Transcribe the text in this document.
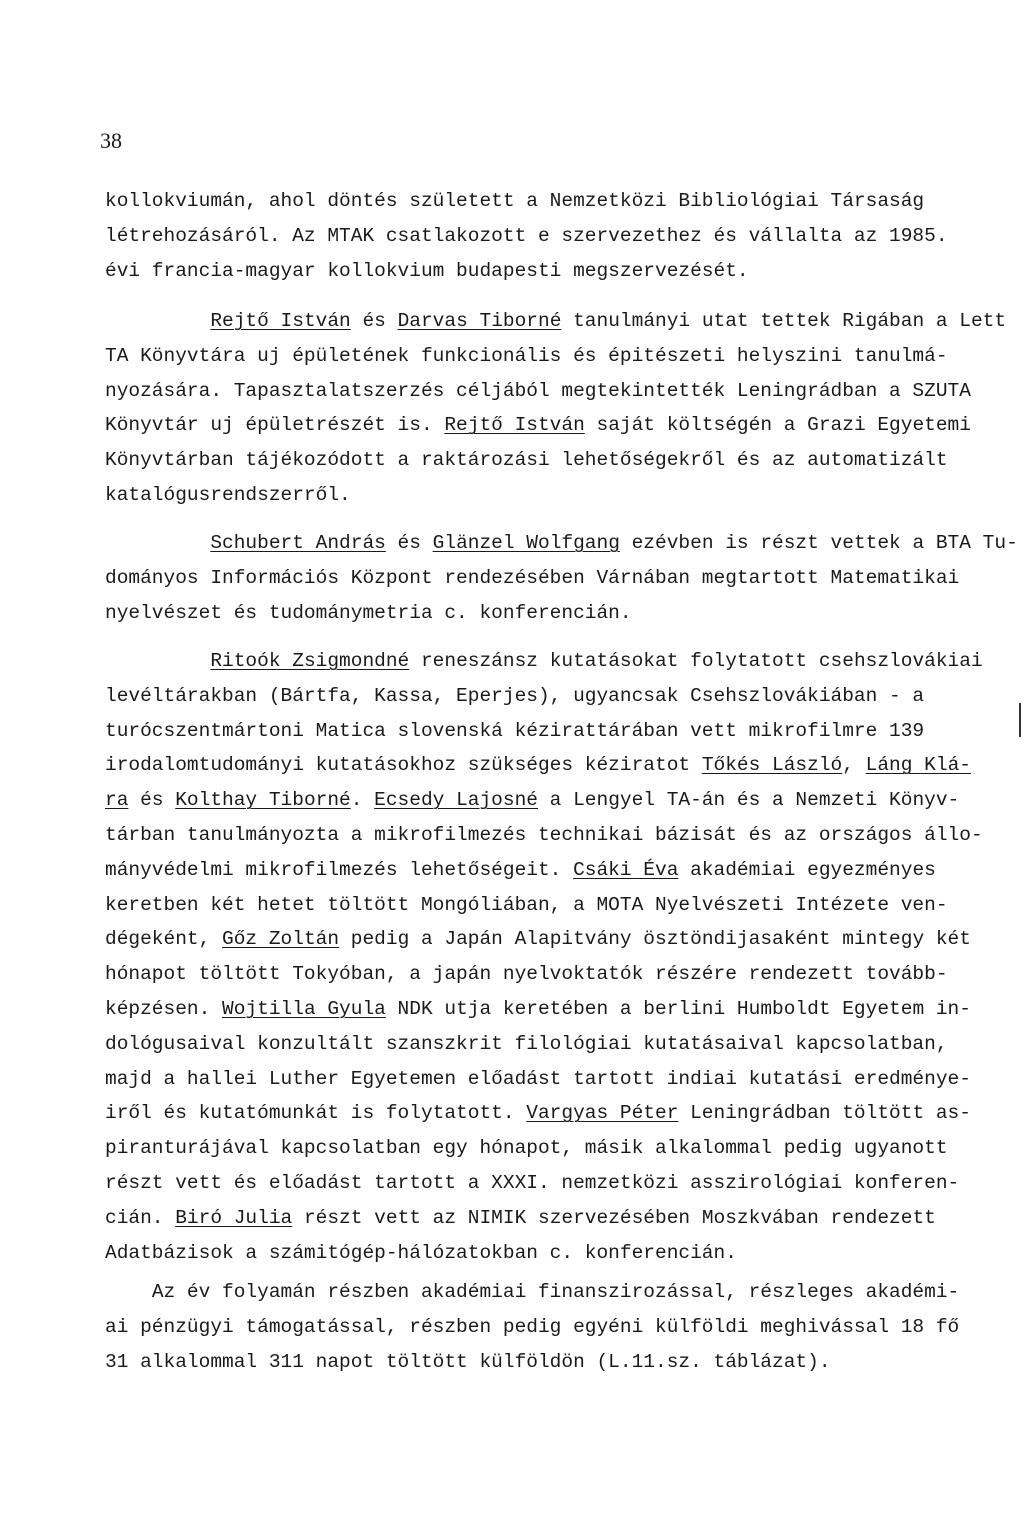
38
kollokviumán, ahol döntés született a Nemzetközi Bibliológiai Társaság
létrehozásáról. Az MTAK csatlakozott e szervezethez és vállalta az 1985.
évi francia-magyar kollokvium budapesti megszervezését.
Rejtő István és Darvas Tiborné tanulmányi utat tettek Rigában a Lett
TA Könyvtára uj épületének funkcionális és épitészeti helyszini tanulmá-
nyozására. Tapasztalatszerzés céljából megtekintették Leningrádban a SZUTA
Könyvtár uj épületrészét is. Rejtő István saját költségén a Grazi Egyetemi
Könyvtárban tájékozódott a raktározási lehetőségekről és az automatizált
katalógusrendszerről.
Schubert András és Glänzel Wolfgang ezévben is részt vettek a BTA Tu-
dományos Információs Központ rendezésében Várnában megtartott Matematikai
nyelvészet és tudománymetria c. konferencián.
Ritoók Zsigmondné reneszánsz kutatásokat folytatott csehszlovákiai
levéltárakban (Bártfa, Kassa, Eperjes), ugyancsak Csehszlovákiában - a
turócszentmártoni Matica slovenská kézirattárában vett mikrofilmre 139
irodalomtudományi kutatásokhoz szükséges kéziratot Tőkés László, Láng Klá-
ra és Kolthay Tiborné. Ecsedy Lajosné a Lengyel TA-án és a Nemzeti Könyv-
tárban tanulmányozta a mikrofilmezés technikai bázisát és az országos állo-
mányvédelmi mikrofilmezés lehetőségeit. Csáki Éva akadémiai egyezményes
keretben két hetet töltött Mongóliában, a MOTA Nyelvészeti Intézete ven-
dégeként, Gőz Zoltán pedig a Japán Alapitvány ösztöndijasaként mintegy két
hónapot töltött Tokyóban, a japán nyelvoktatók részére rendezett tovább-
képzésen. Wojtilla Gyula NDK utja keretében a berlini Humboldt Egyetem in-
dológusaival konzultált szanszkrit filológiai kutatásaival kapcsolatban,
majd a hallei Luther Egyetemen előadást tartott indiai kutatási eredménye-
iről és kutatómunkát is folytatott. Vargyas Péter Leningrádban töltött as-
piranturájával kapcsolatban egy hónapot, másik alkalommal pedig ugyanott
részt vett és előadást tartott a XXXI. nemzetközi asszirológiai konferen-
cián. Biró Julia részt vett az NIMIK szervezésében Moszkvában rendezett
Adatbázisok a számitógép-hálózatokban c. konferencián.
Az év folyamán részben akadémiai finanszirozással, részleges akadémi-
ai pénzügyi támogatással, részben pedig egyéni külföldi meghivással 18 fő
31 alkalommal 311 napot töltött külföldön (L.11.sz. táblázat).
